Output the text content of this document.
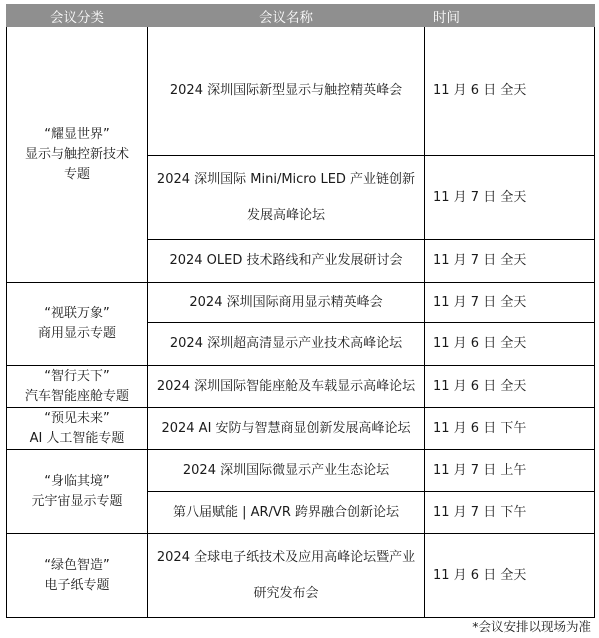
会议分类	会议名称	时间

“耀显世界”
显示与触控新技术
专题	2024 深圳国际新型显示与触控精英峰会	11 月 6 日 全天
	2024 深圳国际 Mini/Micro LED 产业链创新发展高峰论坛	11 月 7 日 全天
	2024 OLED 技术路线和产业发展研讨会	11 月 7 日 全天

“视联万象”
商用显示专题	2024 深圳国际商用显示精英峰会	11 月 7 日 全天
	2024 深圳超高清显示产业技术高峰论坛	11 月 6 日 全天

“智行天下”
汽车智能座舱专题	2024 深圳国际智能座舱及车载显示高峰论坛	11 月 6 日 全天

“预见未来”
AI 人工智能专题	2024 AI 安防与智慧商显创新发展高峰论坛	11 月 6 日 下午

“身临其境”
元宇宙显示专题	2024 深圳国际微显示产业生态论坛	11 月 7 日 上午
	第八届赋能 | AR/VR 跨界融合创新论坛	11 月 7 日 下午

“绿色智造”
电子纸专题	2024 全球电子纸技术及应用高峰论坛暨产业研究发布会	11 月 6 日 全天
*会议安排以现场为准
